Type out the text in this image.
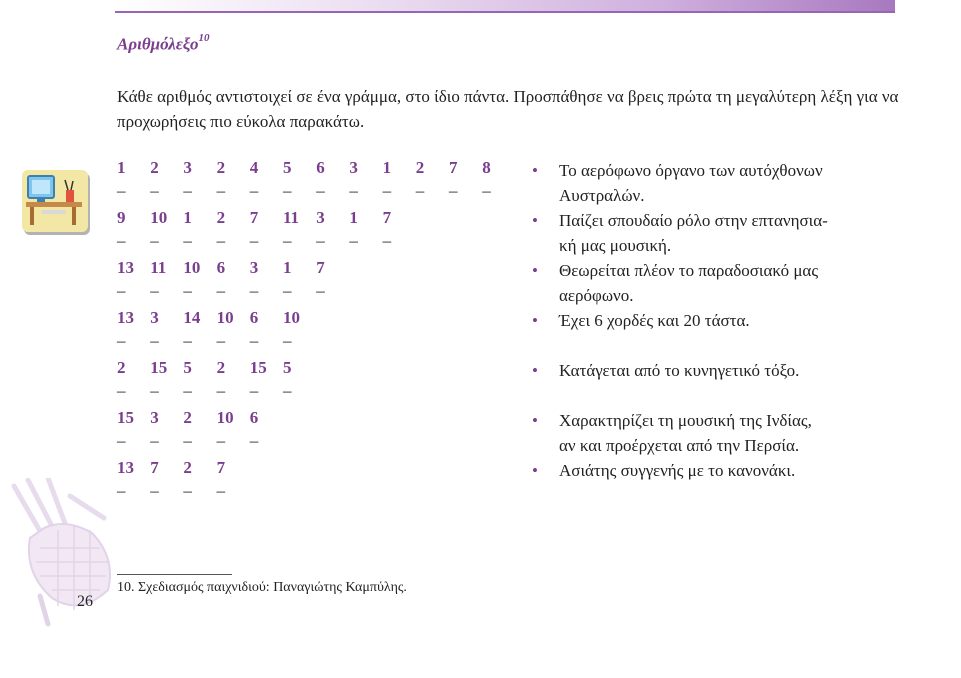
Αριθμόλεξο$^{10}$
Κάθε αριθμός αντιστοιχεί σε ένα γράμμα, στο ίδιο πάντα. Προσπάθησε να βρεις πρώτα τη μεγαλύτερη λέξη για να προχωρήσεις πιο εύκολα παρακάτω.
1
–
2
–
3
–
2
–
4
–
5
–
6
–
3
–
1
–
2
–
7
–
8
–
9
–
10
–
1
–
2
–
7
–
11
–
3
–
1
–
7
–
13
–
11
–
10
–
6
–
3
–
1
–
7
–
13
–
3
–
14
–
10
–
6
–
10
–
2
–
15
–
5
–
2
–
15
–
5
–
15
–
3
–
2
–
10
–
6
–
13
–
7
–
2
–
7
–
• Το αερόφωνο όργανο των αυτόχθονων
Αυστραλών.
• Παίζει σπουδαίο ρόλο στην επτανησια-
κή μας μουσική.
• Θεωρείται πλέον το παραδοσιακό μας
αερόφωνο.
• Έχει 6 χορδές και 20 τάστα.
• Κατάγεται από το κυνηγετικό τόξο.
• Χαρακτηρίζει τη μουσική της Ινδίας,
αν και προέρχεται από την Περσία.
• Ασιάτης συγγενής με το κανονάκι.
10. Σχεδιασμός παιχνιδιού: Παναγιώτης Καμπύλης.
26
